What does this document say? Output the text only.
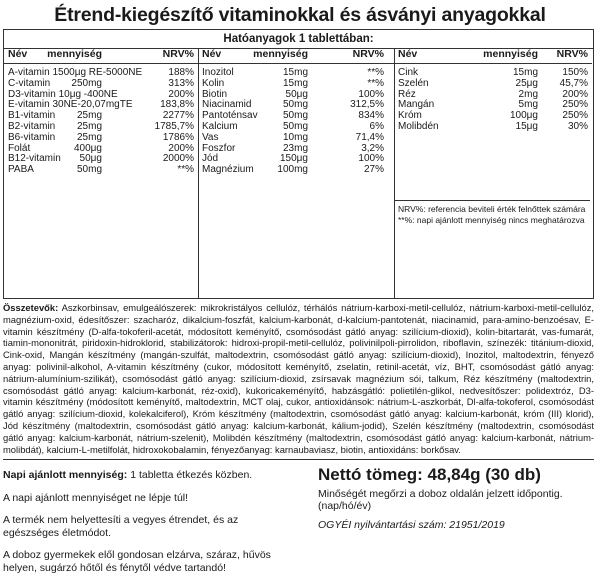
Étrend-kiegészítő vitaminokkal és ásványi anyagokkal
Hatóanyagok 1 tablettában:
Név mennyiség	NRV%
A-vitamin 1500μg RE-5000NE	188%
C-vitamin 250mg	313%
D3-vitamin 10μg -400NE	200%
E-vitamin 30NE-20,07mgTE	183,8%
B1-vitamin 25mg	2277%
B2-vitamin 25mg	1785,7%
B6-vitamin 25mg	1786%
Folát	400μg	200%
B12-vitamin 50μg	2000%
PABA	50mg	**%
Név	mennyiség	NRV%
Inozitol	15mg	**%
Kolin	15mg	**%
Biotin	50μg	100%
Niacinamid	50mg	312,5%
Pantoténsav	50mg	834%
Kalcium	50mg	6%
Vas	10mg	71,4%
Foszfor	23mg	3,2%
Jód	150μg	100%
Magnézium 100mg	27%
Név	mennyiség NRV%
Cink	15mg 150%
Szelén	25μg 45,7%
Réz	2mg 200%
Mangán	5mg 250%
Króm	100μg 250%
Molibdén	15μg	30%
NRV%: referencia beviteli érték felnőttek számára
**%: napi ajánlott mennyiség nincs meghatározva
Összetevők: Aszkorbinsav, emulgeálószerek: mikrokristályos cellulóz, térhálós nátrium-karboxi-metil-cellulóz, nátrium-karboxi-metil-cellulóz, magnézium-oxid, édesítőszer: szacharóz, dikalcium-foszfát, kalcium-karbonát, d-kalcium-pantotenát, niacinamid, para-amino-benzoésav, E-vitamin készítmény (D-alfa-tokoferil-acetát, módosított keményítő, csomósodást gátló anyag: szilícium-dioxid), kolin-bitartarát, vas-fumarát, tiamin-mononitrát, piridoxin-hidroklorid, stabilizátorok: hidroxi-propil-metil-cellulóz, polivinilpoli-pirrolidon, riboflavin, színezék: titánium-dioxid, Cink-oxid, Mangán készítmény (mangán-szulfát, maltodextrin, csomósodást gátló anyag: szilícium-dioxid), Inozitol, maltodextrin, fényező anyag: polivinil-alkohol, A-vitamin készítmény (cukor, módosított keményítő, zselatin, retinil-acetát, víz, BHT, csomósodást gátló anyag: nátrium-alumínium-szilikát), csomósodást gátló anyag: szilícium-dioxid, zsírsavak magnézium sói, talkum, Réz készítmény (maltodextrin, csomósodást gátló anyag: kalcium-karbonát, réz-oxid), kukoricakeményítő, habzásgátló: polietilén-glikol, nedvesítőszer: polidextróz, D3-vitamin készítmény (módosított keményítő, maltodextrin, MCT olaj, cukor, antioxidánsok: nátrium-L-aszkorbát, Dl-alfa-tokoferol, csomósodást gátló anyag: szilícium-dioxid, kolekalciferol), Króm készítmény (maltodextrin, csomósodást gátló anyag: kalcium-karbonát, króm (III) klorid), Jód készítmény (maltodextrin, csomósodást gátló anyag: kalcium-karbonát, kálium-jodid), Szelén készítmény (maltodextrin, csomósodást gátló anyag: kalcium-karbonát, nátrium-szelenit), Molibdén készítmény (maltodextrin, csomósodást gátló anyag: kalcium-karbonát, nátrium-molibdát), kalcium-L-metilfolát, hidroxokobalamin, fényezőanyag: karnaubaviasz, biotin, antioxidáns: borkősav.
Napi ajánlott mennyiség: 1 tabletta étkezés közben.
A napi ajánlott mennyiséget ne lépje túl!
A termék nem helyettesíti a vegyes étrendet, és az egészséges életmódot.
A doboz gyermekek elől gondosan elzárva, száraz, hűvös helyen, sugárzó hőtől és fénytől védve tartandó!
Nettó tömeg: 48,84g (30 db)
Minőségét megőrzi a doboz oldalán jelzett időpontig. (nap/hó/év)
OGYÉI nyilvántartási szám: 21951/2019
